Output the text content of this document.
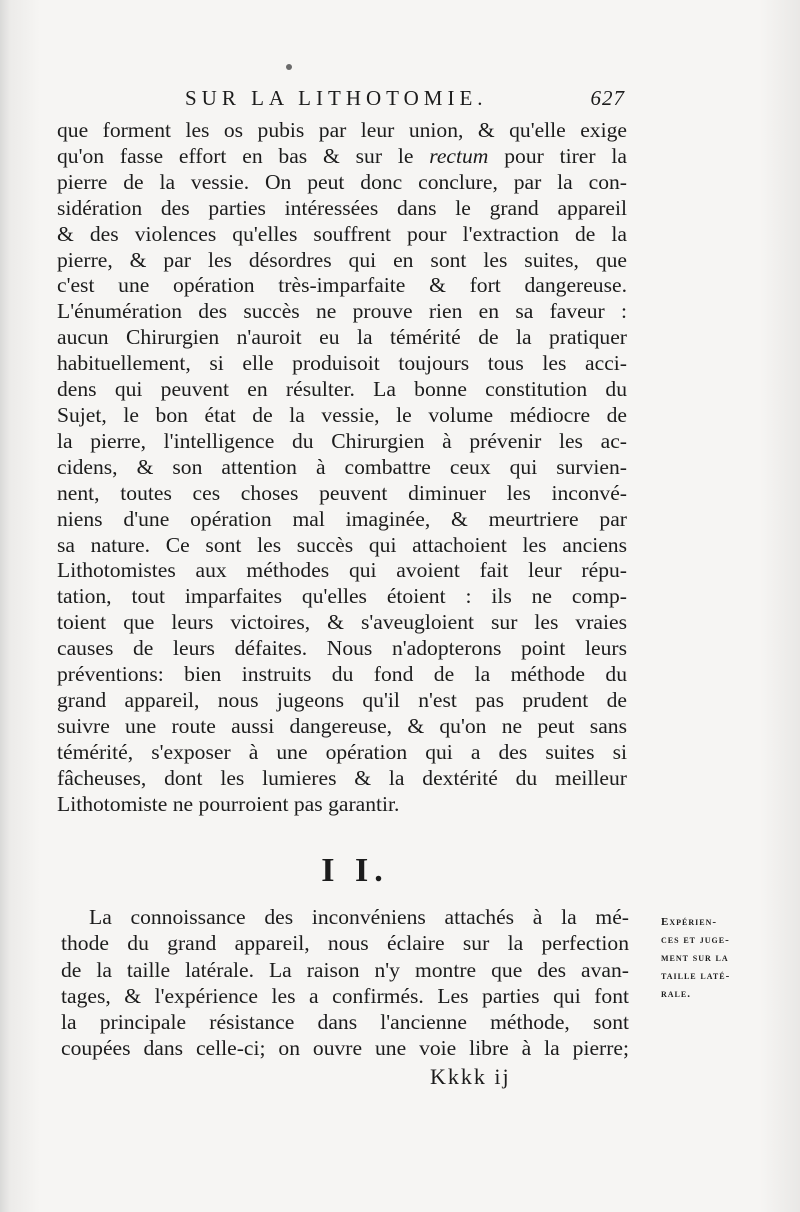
SUR LA LITHOTOMIE.	627
que forment les os pubis par leur union, & qu'elle exige
qu'on fasse effort en bas & sur le rectum pour tirer la
pierre de la vessie. On peut donc conclure, par la con-
sidération des parties intéressées dans le grand appareil
& des violences qu'elles souffrent pour l'extraction de la
pierre, & par les désordres qui en sont les suites, que
c'est une opération très-imparfaite & fort dangereuse.
L'énumération des succès ne prouve rien en sa faveur :
aucun Chirurgien n'auroit eu la témérité de la pratiquer
habituellement, si elle produisoit toujours tous les acci-
dens qui peuvent en résulter. La bonne constitution du
Sujet, le bon état de la vessie, le volume médiocre de
la pierre, l'intelligence du Chirurgien à prévenir les ac-
cidens, & son attention à combattre ceux qui survien-
nent, toutes ces choses peuvent diminuer les inconvé-
niens d'une opération mal imaginée, & meurtriere par
sa nature. Ce sont les succès qui attachoient les anciens
Lithotomistes aux méthodes qui avoient fait leur répu-
tation, tout imparfaites qu'elles étoient : ils ne comp-
toient que leurs victoires, & s'aveugloient sur les vraies
causes de leurs défaites. Nous n'adopterons point leurs
préventions: bien instruits du fond de la méthode du
grand appareil, nous jugeons qu'il n'est pas prudent de
suivre une route aussi dangereuse, & qu'on ne peut sans
témérité, s'exposer à une opération qui a des suites si
fâcheuses, dont les lumieres & la dextérité du meilleur
Lithotomiste ne pourroient pas garantir.
I I.
La connoissance des inconvéniens attachés à la mé-
thode du grand appareil, nous éclaire sur la perfection
de la taille latérale. La raison n'y montre que des avan-
tages, & l'expérience les a confirmés. Les parties qui font
la principale résistance dans l'ancienne méthode, sont
coupées dans celle-ci; on ouvre une voie libre à la pierre;
Kkkk ij
Expérien-
ces et juge-
ment sur la
taille laté-
rale.
